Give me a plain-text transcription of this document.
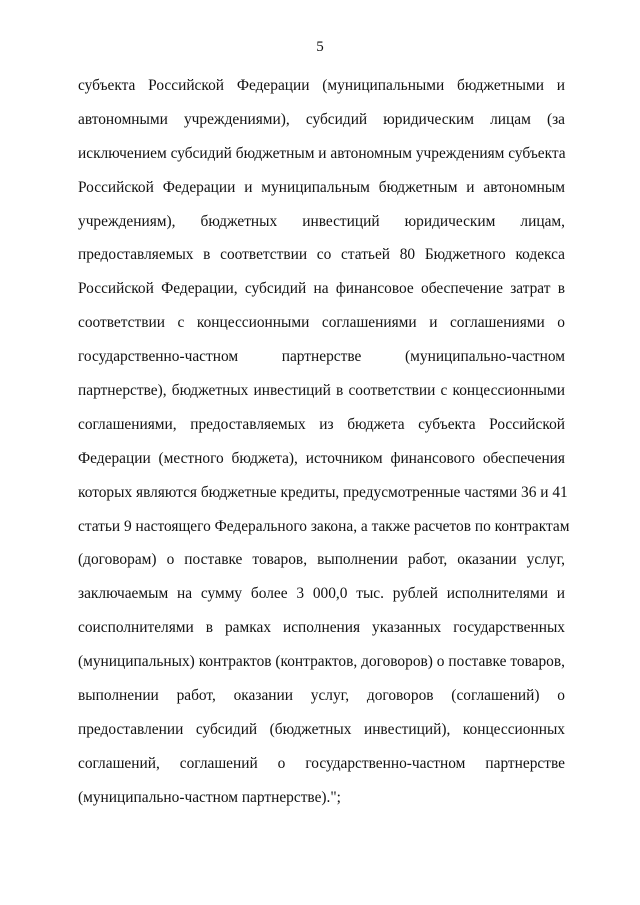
5
субъекта Российской Федерации (муниципальными бюджетными и
автономными учреждениями), субсидий юридическим лицам (за
исключением субсидий бюджетным и автономным учреждениям субъекта
Российской Федерации и муниципальным бюджетным и автономным
учреждениям), бюджетных инвестиций юридическим лицам,
предоставляемых в соответствии со статьей 80 Бюджетного кодекса
Российской Федерации, субсидий на финансовое обеспечение затрат в
соответствии с концессионными соглашениями и соглашениями о
государственно-частном партнерстве (муниципально-частном
партнерстве), бюджетных инвестиций в соответствии с концессионными
соглашениями, предоставляемых из бюджета субъекта Российской
Федерации (местного бюджета), источником финансового обеспечения
которых являются бюджетные кредиты, предусмотренные частями 36 и 41
статьи 9 настоящего Федерального закона, а также расчетов по контрактам
(договорам) о поставке товаров, выполнении работ, оказании услуг,
заключаемым на сумму более 3 000,0 тыс. рублей исполнителями и
соисполнителями в рамках исполнения указанных государственных
(муниципальных) контрактов (контрактов, договоров) о поставке товаров,
выполнении работ, оказании услуг, договоров (соглашений) о
предоставлении субсидий (бюджетных инвестиций), концессионных
соглашений, соглашений о государственно-частном партнерстве
(муниципально-частном партнерстве).";
